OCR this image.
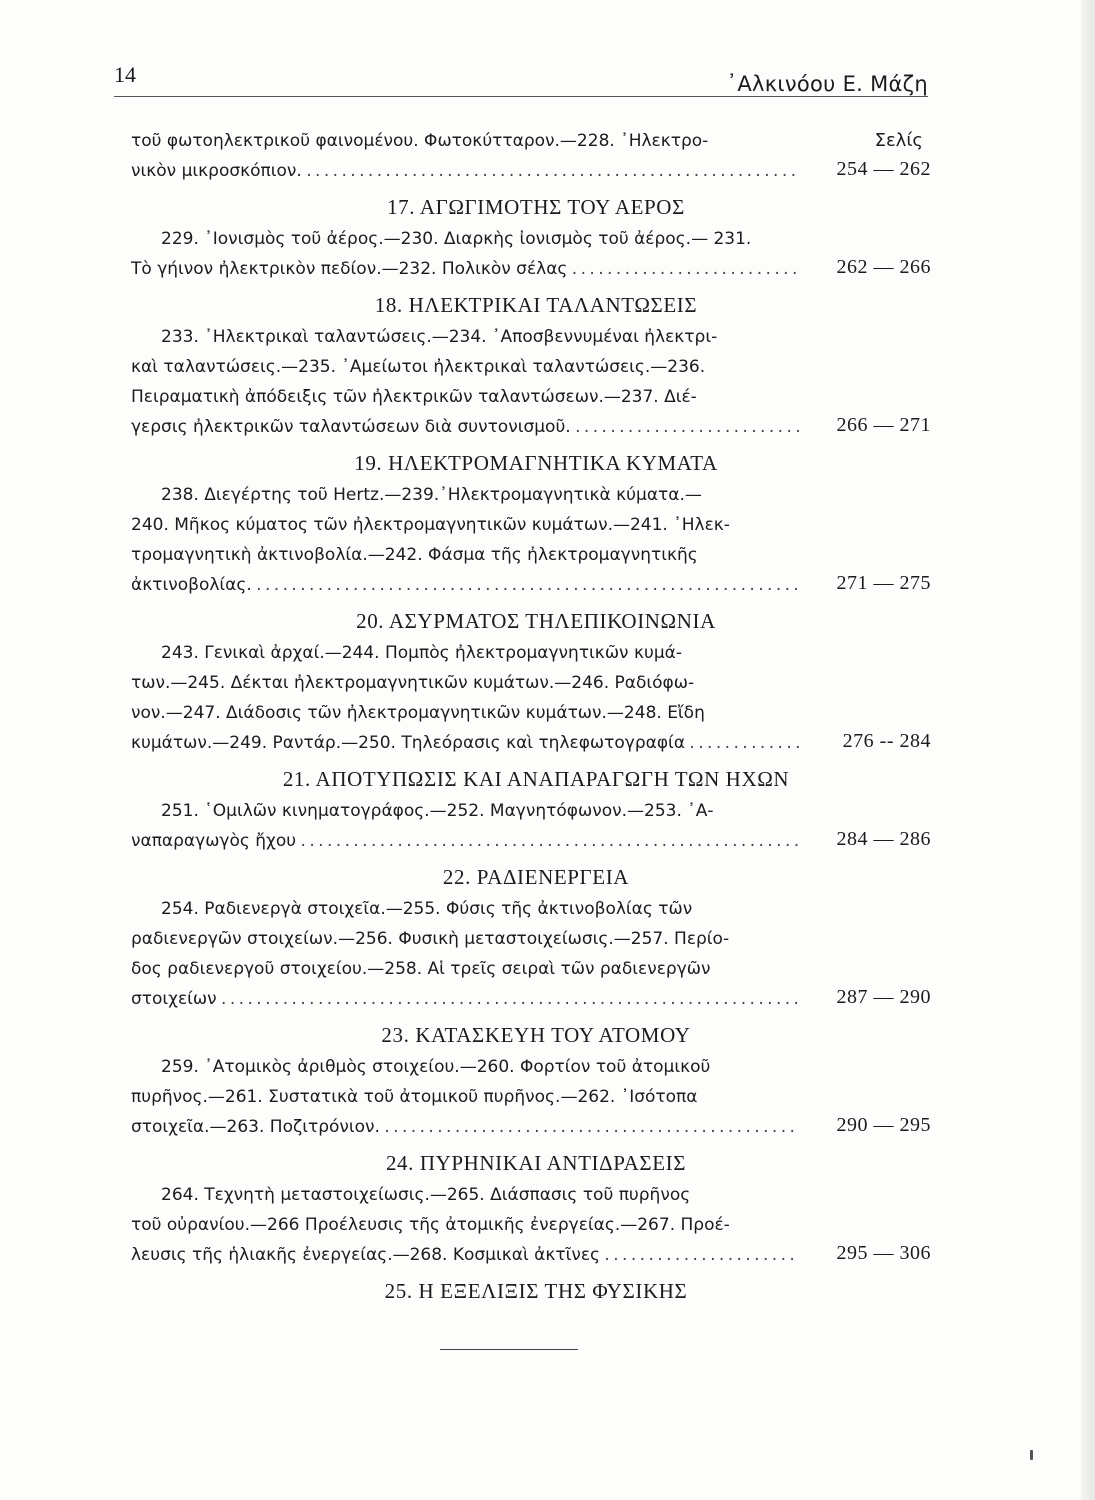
14	᾿Αλκινόου Ε. Μάζη
Σελίς
τοῦ φωτοηλεκτρικοῦ φαινομένου. Φωτοκύτταρον.—228. ᾿Ηλεκτρο-
νικὸν μικροσκόπιον. . . .	254 — 262
17. ΑΓΩΓΙΜΟΤΗΣ ΤΟΥ ΑΕΡΟΣ
229. ᾿Ιονισμὸς τοῦ ἀέρος.—230. Διαρκὴς ἰονισμὸς τοῦ ἀέρος.— 231.
Τὸ γήινον ἠλεκτρικὸν πεδίον.—232. Πολικὸν σέλας . . .	262 — 266
18. ΗΛΕΚΤΡΙΚΑΙ ΤΑΛΑΝΤΩΣΕΙΣ
233. ᾿Ηλεκτρικαὶ ταλαντώσεις.—234. ᾿Αποσβεννυμέναι ἠλεκτρι-
καὶ ταλαντώσεις.—235. ᾿Αμείωτοι ἠλεκτρικαὶ ταλαντώσεις.—236.
Πειραματικὴ ἀπόδειξις τῶν ἠλεκτρικῶν ταλαντώσεων.—237. Διέ-
γερσις ἠλεκτρικῶν ταλαντώσεων διὰ συντονισμοῦ. . . .	266 — 271
19. ΗΛΕΚΤΡΟΜΑΓΝΗΤΙΚΑ ΚΥΜΑΤΑ
238. Διεγέρτης τοῦ Hertz.—239.᾿Ηλεκτρομαγνητικὰ κύματα.—
240. Μῆκος κύματος τῶν ἠλεκτρομαγνητικῶν κυμάτων.—241. ᾿Ηλεκ-
τρομαγνητικὴ ἀκτινοβολία.—242. Φάσμα τῆς ἠλεκτρομαγνητικῆς
ἀκτινοβολίας. . . .	271 — 275
20. ΑΣΥΡΜΑΤΟΣ ΤΗΛΕΠΙΚΟΙΝΩΝΙΑ
243. Γενικαὶ ἀρχαί.—244. Πομπὸς ἠλεκτρομαγνητικῶν κυμά-
των.—245. Δέκται ἠλεκτρομαγνητικῶν κυμάτων.—246. Ραδιόφω-
νον.—247. Διάδοσις τῶν ἠλεκτρομαγνητικῶν κυμάτων.—248. Εἴδη
κυμάτων.—249. Ραντάρ.—250. Τηλεόρασις καὶ τηλεφωτογραφία . . .	276 -- 284
21. ΑΠΟΤΥΠΩΣΙΣ ΚΑΙ ΑΝΑΠΑΡΑΓΩΓΗ ΤΩΝ ΗΧΩΝ
251. ῾Ομιλῶν κινηματογράφος.—252. Μαγνητόφωνον.—253. ᾿Α-
ναπαραγωγὸς ἤχου . . .	284 — 286
22. ΡΑΔΙΕΝΕΡΓΕΙΑ
254. Ραδιενεργὰ στοιχεῖα.—255. Φύσις τῆς ἀκτινοβολίας τῶν
ραδιενεργῶν στοιχείων.—256. Φυσικὴ μεταστοιχείωσις.—257. Περίο-
δος ραδιενεργοῦ στοιχείου.—258. Αἱ τρεῖς σειραὶ τῶν ραδιενεργῶν
στοιχείων . . .	287 — 290
23. ΚΑΤΑΣΚΕΥΗ ΤΟΥ ΑΤΟΜΟΥ
259. ᾿Ατομικὸς ἀριθμὸς στοιχείου.—260. Φορτίον τοῦ ἀτομικοῦ
πυρῆνος.—261. Συστατικὰ τοῦ ἀτομικοῦ πυρῆνος.—262. ᾿Ισότοπα
στοιχεῖα.—263. Ποζιτρόνιον. . . .	290 — 295
24. ΠΥΡΗΝΙΚΑΙ ΑΝΤΙΔΡΑΣΕΙΣ
264. Τεχνητὴ μεταστοιχείωσις.—265. Διάσπασις τοῦ πυρῆνος
τοῦ οὐρανίου.—266 Προέλευσις τῆς ἀτομικῆς ἐνεργείας.—267. Προέ-
λευσις τῆς ἡλιακῆς ἐνεργείας.—268. Κοσμικαὶ ἀκτῖνες . . .	295 — 306
25. Η ΕΞΕΛΙΞΙΣ ΤΗΣ ΦΥΣΙΚΗΣ
